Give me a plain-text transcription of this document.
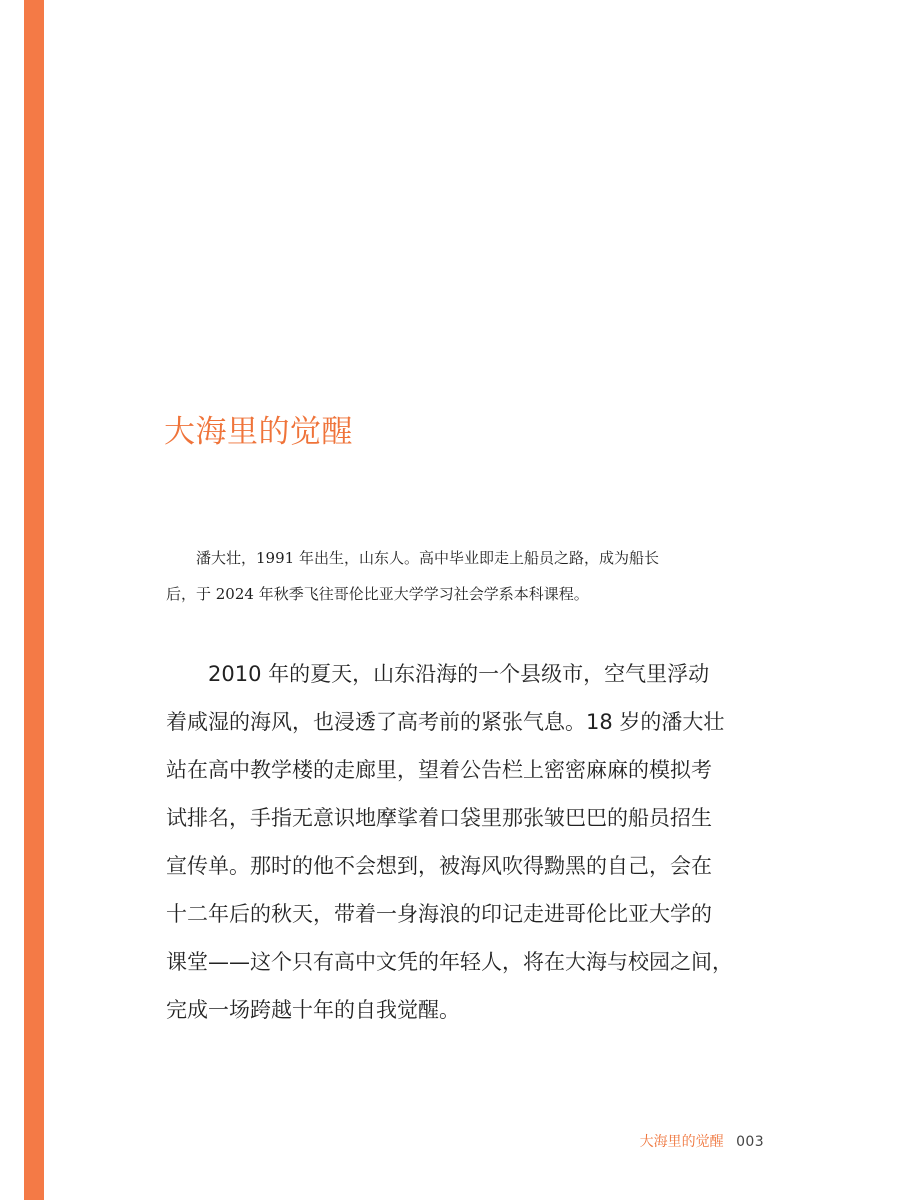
大海里的觉醒

潘大壮，1991 年出生，山东人。高中毕业即走上船员之路，成为船长
后，于 2024 年秋季飞往哥伦比亚大学学习社会学系本科课程。

2010 年的夏天，山东沿海的一个县级市，空气里浮动
着咸湿的海风，也浸透了高考前的紧张气息。18 岁的潘大壮
站在高中教学楼的走廊里，望着公告栏上密密麻麻的模拟考
试排名，手指无意识地摩挲着口袋里那张皱巴巴的船员招生
宣传单。那时的他不会想到，被海风吹得黝黑的自己，会在
十二年后的秋天，带着一身海浪的印记走进哥伦比亚大学的
课堂——这个只有高中文凭的年轻人，将在大海与校园之间，
完成一场跨越十年的自我觉醒。

大海里的觉醒 003
